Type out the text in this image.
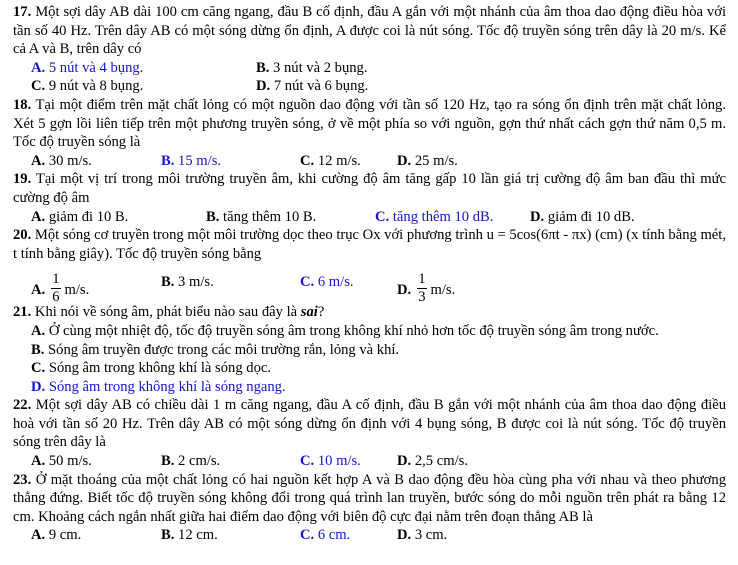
17. Một sợi dây AB dài 100 cm căng ngang, đầu B cố định, đầu A gắn với một nhánh của âm thoa dao động điều hòa với tần số 40 Hz. Trên dây AB có một sóng dừng ổn định, A được coi là nút sóng. Tốc độ truyền sóng trên dây là 20 m/s. Kể cả A và B, trên dây có
A. 5 nút và 4 bụng.	B. 3 nút và 2 bụng.
C. 9 nút và 8 bụng.	D. 7 nút và 6 bụng.
18. Tại một điểm trên mặt chất lỏng có một nguồn dao động với tần số 120 Hz, tạo ra sóng ổn định trên mặt chất lỏng. Xét 5 gợn lồi liên tiếp trên một phương truyền sóng, ở về một phía so với nguồn, gợn thứ nhất cách gợn thứ năm 0,5 m. Tốc độ truyền sóng là
A. 30 m/s.	B. 15 m/s.	C. 12 m/s. D. 25 m/s.
19. Tại một vị trí trong môi trường truyền âm, khi cường độ âm tăng gấp 10 lần giá trị cường độ âm ban đầu thì mức cường độ âm
A. giảm đi 10 B.	B. tăng thêm 10 B.	C. tăng thêm 10 dB.	D. giảm đi 10 dB.
20. Một sóng cơ truyền trong một môi trường dọc theo trục Ox với phương trình u = 5cos(6πt - πx) (cm) (x tính bằng mét, t tính bằng giây). Tốc độ truyền sóng bằng
A. $\frac{1}{6} m/s$.	B. 3 m/s.	C. 6 m/s.	D. $\frac{1}{3} m/s$.
21. Khi nói về sóng âm, phát biểu nào sau đây là sai?
A. Ở cùng một nhiệt độ, tốc độ truyền sóng âm trong không khí nhỏ hơn tốc độ truyền sóng âm trong nước.
B. Sóng âm truyền được trong các môi trường rắn, lỏng và khí.
C. Sóng âm trong không khí là sóng dọc.
D. Sóng âm trong không khí là sóng ngang.
22. Một sợi dây AB có chiều dài 1 m căng ngang, đầu A cố định, đầu B gắn với một nhánh của âm thoa dao động điều hoà với tần số 20 Hz. Trên dây AB có một sóng dừng ổn định với 4 bụng sóng, B được coi là nút sóng. Tốc độ truyền sóng trên dây là
A. 50 m/s.	B. 2 cm/s.	C. 10 m/s. D. 2,5 cm/s.
23. Ở mặt thoáng của một chất lỏng có hai nguồn kết hợp A và B dao động đều hòa cùng pha với nhau và theo phương thẳng đứng. Biết tốc độ truyền sóng không đổi trong quá trình lan truyền, bước sóng do mỗi nguồn trên phát ra bằng 12 cm. Khoảng cách ngắn nhất giữa hai điểm dao động với biên độ cực đại nằm trên đoạn thẳng AB là
A. 9 cm.	B. 12 cm.	C. 6 cm.	D. 3 cm.
